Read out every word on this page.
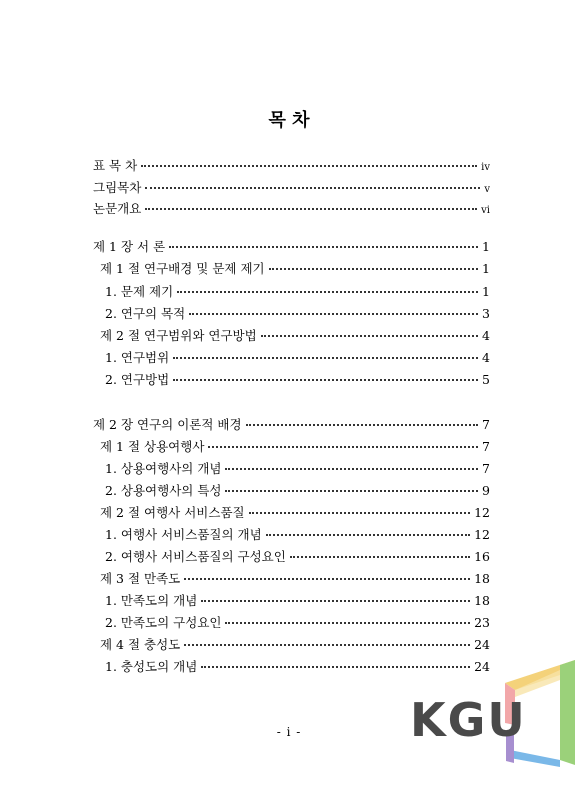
목 차
표 목 차	iv
그림목차	v
논문개요	vi
제 1 장 서 론	1
제 1 절 연구배경 및 문제 제기	1
1. 문제 제기	1
2. 연구의 목적	3
제 2 절 연구범위와 연구방법	4
1. 연구범위	4
2. 연구방법	5
제 2 장 연구의 이론적 배경	7
제 1 절 상용여행사	7
1. 상용여행사의 개념	7
2. 상용여행사의 특성	9
제 2 절 여행사 서비스품질	12
1. 여행사 서비스품질의 개념	12
2. 여행사 서비스품질의 구성요인	16
제 3 절 만족도	18
1. 만족도의 개념	18
2. 만족도의 구성요인	23
제 4 절 충성도	24
1. 충성도의 개념	24
- i -	KGU
